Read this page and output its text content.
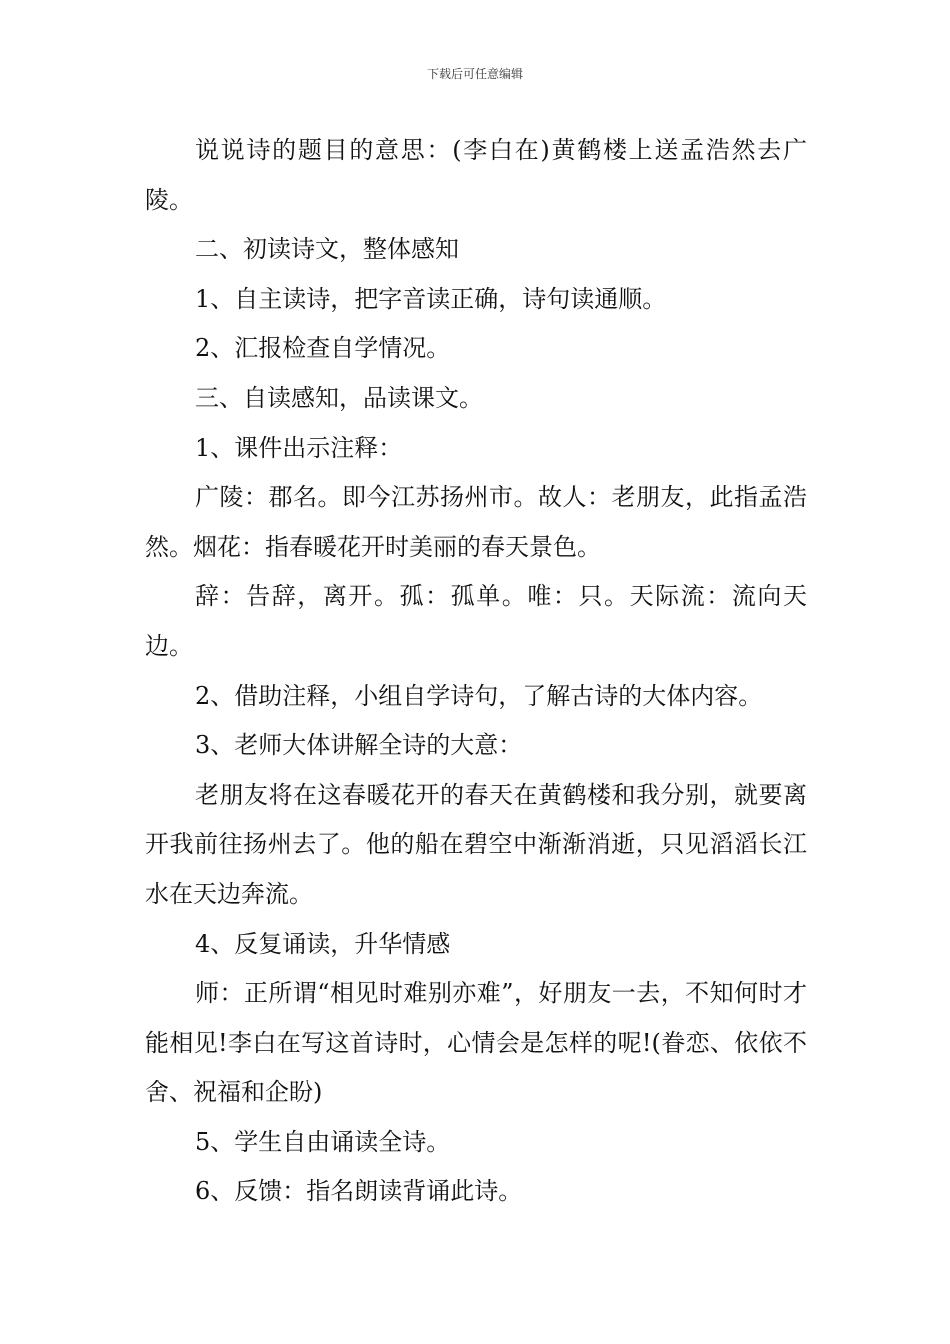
下载后可任意编辑

说说诗的题目的意思：(李白在)黄鹤楼上送孟浩然去广陵。

二、初读诗文，整体感知

1、自主读诗，把字音读正确，诗句读通顺。

2、汇报检查自学情况。

三、自读感知，品读课文。

1、课件出示注释：

广陵：郡名。即今江苏扬州市。故人：老朋友，此指孟浩然。烟花：指春暖花开时美丽的春天景色。

辞：告辞，离开。孤：孤单。唯：只。天际流：流向天边。

2、借助注释，小组自学诗句，了解古诗的大体内容。

3、老师大体讲解全诗的大意：

老朋友将在这春暖花开的春天在黄鹤楼和我分别，就要离开我前往扬州去了。他的船在碧空中渐渐消逝，只见滔滔长江水在天边奔流。

4、反复诵读，升华情感

师：正所谓“相见时难别亦难”，好朋友一去，不知何时才能相见!李白在写这首诗时，心情会是怎样的呢!(眷恋、依依不舍、祝福和企盼)

5、学生自由诵读全诗。

6、反馈：指名朗读背诵此诗。
